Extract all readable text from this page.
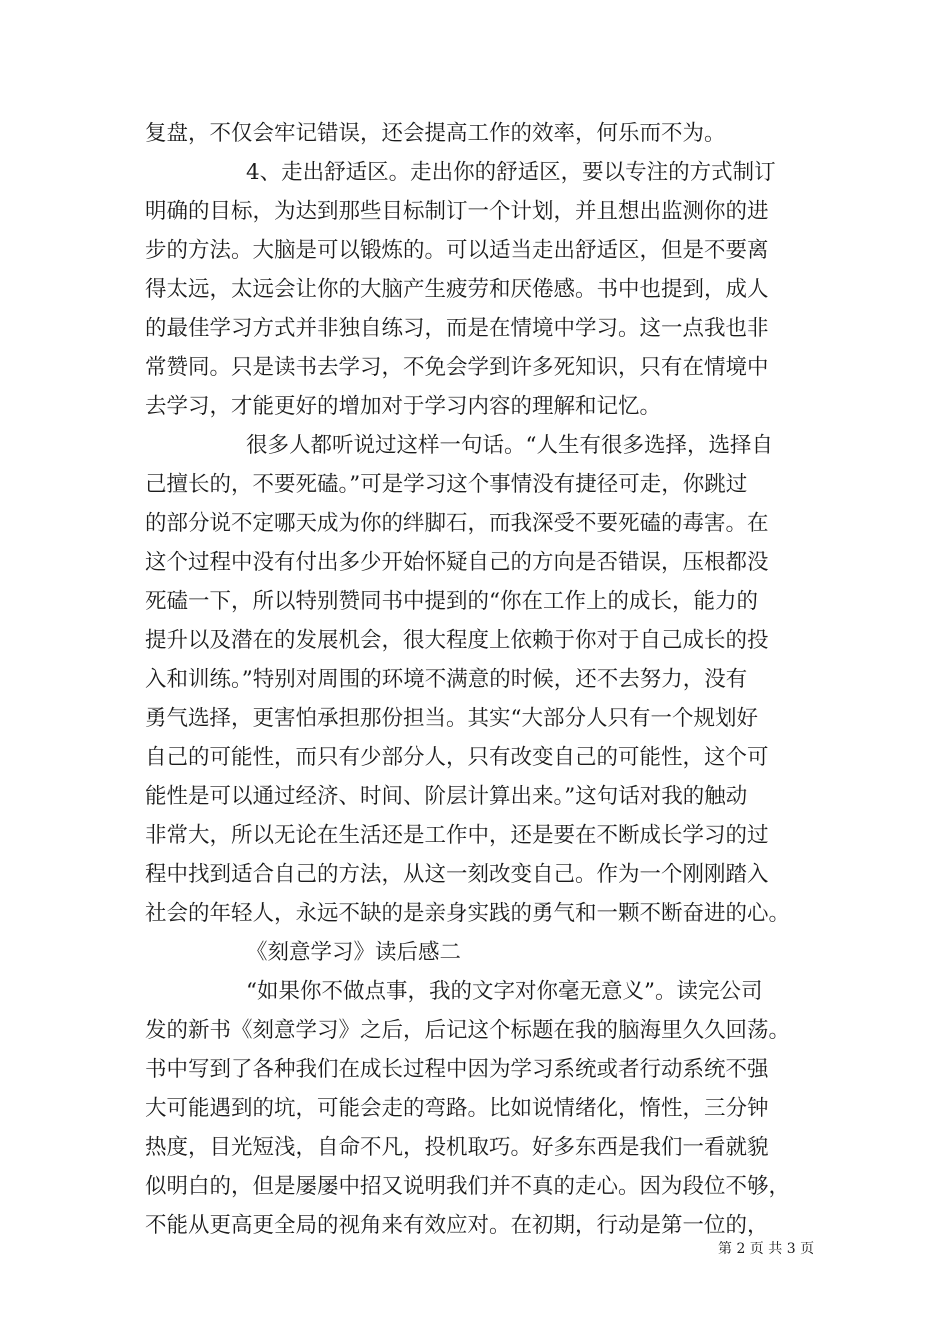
复盘，不仅会牢记错误，还会提高工作的效率，何乐而不为。
4、走出舒适区。走出你的舒适区，要以专注的方式制订
明确的目标，为达到那些目标制订一个计划，并且想出监测你的进
步的方法。大脑是可以锻炼的。可以适当走出舒适区，但是不要离
得太远，太远会让你的大脑产生疲劳和厌倦感。书中也提到，成人
的最佳学习方式并非独自练习，而是在情境中学习。这一点我也非
常赞同。只是读书去学习，不免会学到许多死知识，只有在情境中
去学习，才能更好的增加对于学习内容的理解和记忆。
很多人都听说过这样一句话。“人生有很多选择，选择自
己擅长的，不要死磕。”可是学习这个事情没有捷径可走，你跳过
的部分说不定哪天成为你的绊脚石，而我深受不要死磕的毒害。在
这个过程中没有付出多少开始怀疑自己的方向是否错误，压根都没
死磕一下，所以特别赞同书中提到的“你在工作上的成长，能力的
提升以及潜在的发展机会，很大程度上依赖于你对于自己成长的投
入和训练。”特别对周围的环境不满意的时候，还不去努力，没有
勇气选择，更害怕承担那份担当。其实“大部分人只有一个规划好
自己的可能性，而只有少部分人，只有改变自己的可能性，这个可
能性是可以通过经济、时间、阶层计算出来。”这句话对我的触动
非常大，所以无论在生活还是工作中，还是要在不断成长学习的过
程中找到适合自己的方法，从这一刻改变自己。作为一个刚刚踏入
社会的年轻人，永远不缺的是亲身实践的勇气和一颗不断奋进的心。
《刻意学习》读后感二
“如果你不做点事，我的文字对你毫无意义”。读完公司
发的新书《刻意学习》之后，后记这个标题在我的脑海里久久回荡。
书中写到了各种我们在成长过程中因为学习系统或者行动系统不强
大可能遇到的坑，可能会走的弯路。比如说情绪化，惰性，三分钟
热度，目光短浅，自命不凡，投机取巧。好多东西是我们一看就貌
似明白的，但是屡屡中招又说明我们并不真的走心。因为段位不够，
不能从更高更全局的视角来有效应对。在初期，行动是第一位的，
第 2 页 共 3 页
